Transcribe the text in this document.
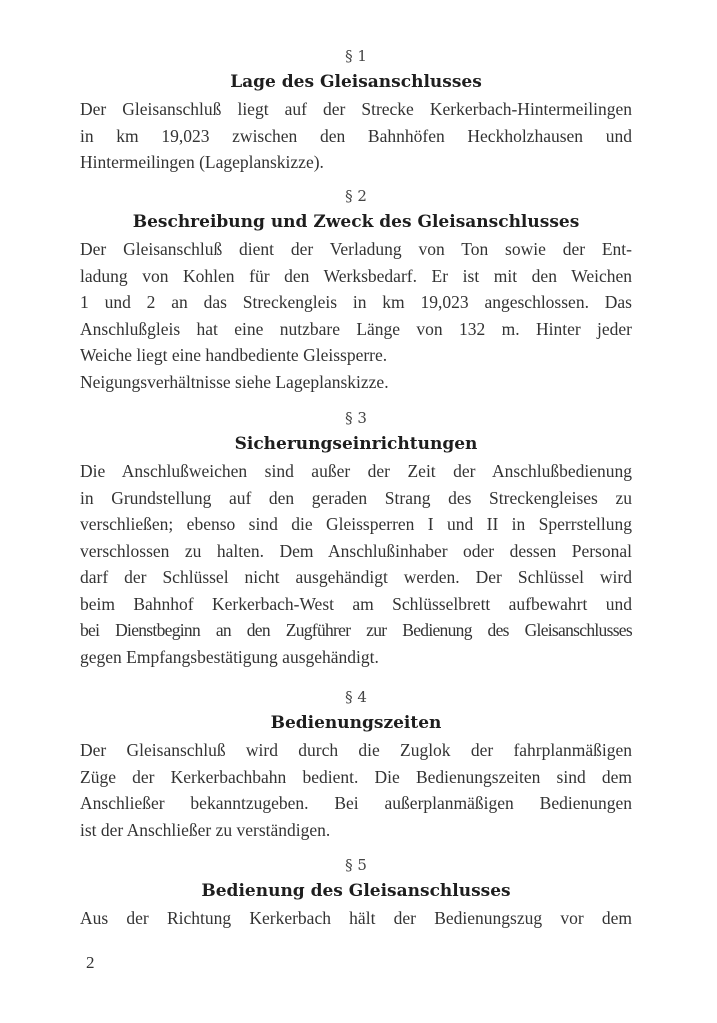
§ 1
Lage des Gleisanschlusses
Der Gleisanschluß liegt auf der Strecke Kerkerbach-Hintermeilingen
in km 19,023 zwischen den Bahnhöfen Heckholzhausen und
Hintermeilingen (Lageplanskizze).
§ 2
Beschreibung und Zweck des Gleisanschlusses
Der Gleisanschluß dient der Verladung von Ton sowie der Ent-
ladung von Kohlen für den Werksbedarf. Er ist mit den Weichen
1 und 2 an das Streckengleis in km 19,023 angeschlossen. Das
Anschlußgleis hat eine nutzbare Länge von 132 m. Hinter jeder
Weiche liegt eine handbediente Gleissperre.
Neigungsverhältnisse siehe Lageplanskizze.
§ 3
Sicherungseinrichtungen
Die Anschlußweichen sind außer der Zeit der Anschlußbedienung
in Grundstellung auf den geraden Strang des Streckengleises zu
verschließen; ebenso sind die Gleissperren I und II in Sperrstellung
verschlossen zu halten. Dem Anschlußinhaber oder dessen Personal
darf der Schlüssel nicht ausgehändigt werden. Der Schlüssel wird
beim Bahnhof Kerkerbach-West am Schlüsselbrett aufbewahrt und
bei Dienstbeginn an den Zugführer zur Bedienung des Gleisanschlusses
gegen Empfangsbestätigung ausgehändigt.
§ 4
Bedienungszeiten
Der Gleisanschluß wird durch die Zuglok der fahrplanmäßigen
Züge der Kerkerbachbahn bedient. Die Bedienungszeiten sind dem
Anschließer bekanntzugeben. Bei außerplanmäßigen Bedienungen
ist der Anschließer zu verständigen.
§ 5
Bedienung des Gleisanschlusses
Aus der Richtung Kerkerbach hält der Bedienungszug vor dem
2
